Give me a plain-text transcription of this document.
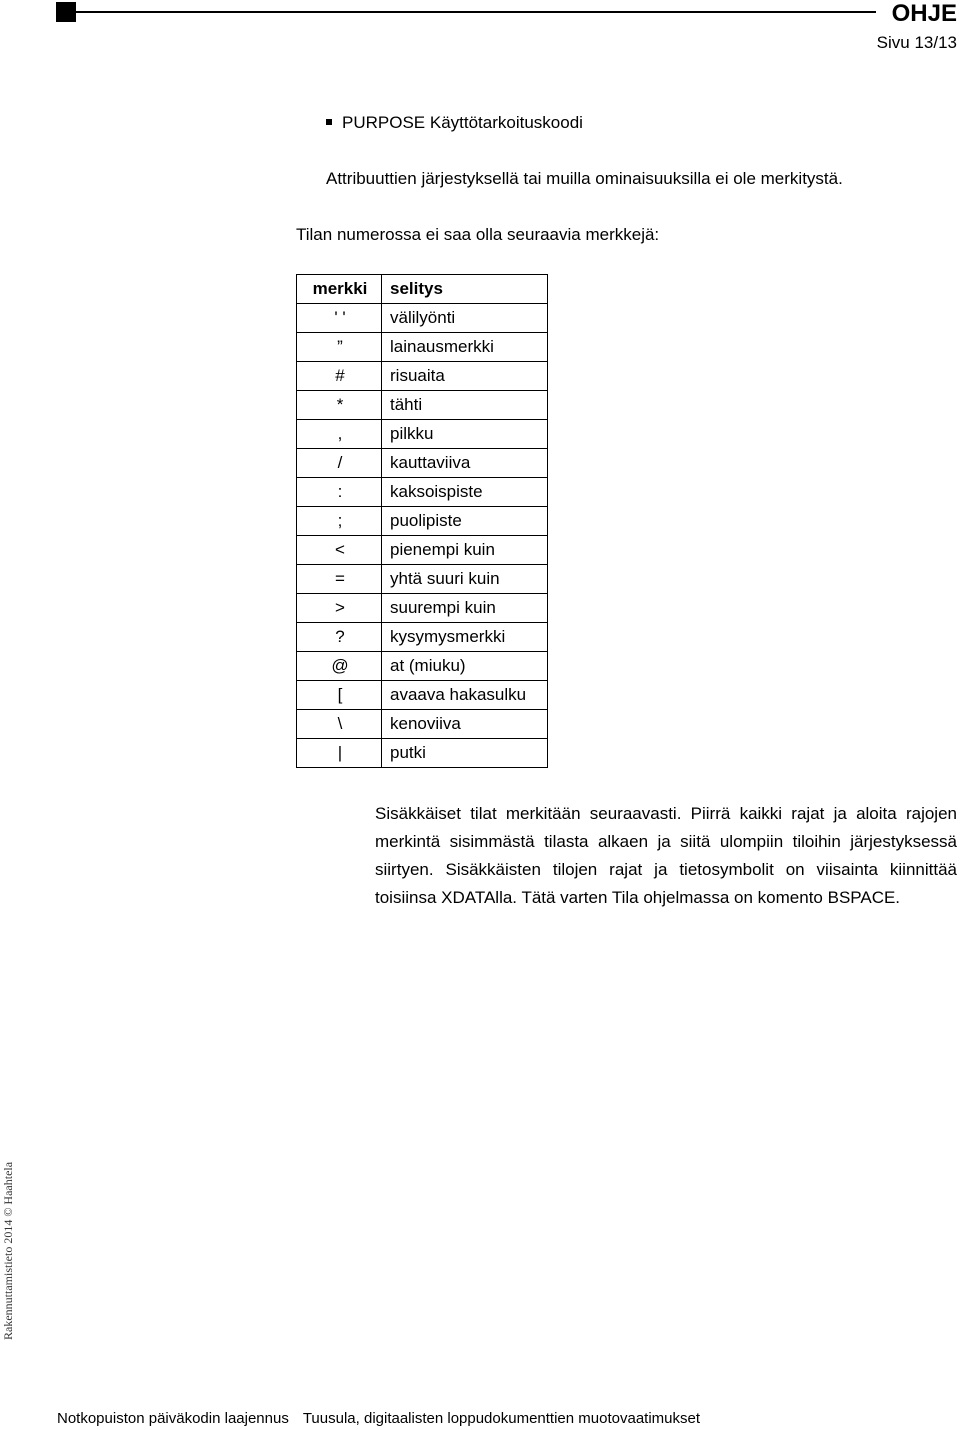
OHJE
Sivu 13/13
PURPOSE Käyttötarkoituskoodi
Attribuuttien järjestyksellä tai muilla ominaisuuksilla ei ole merkitystä.
Tilan numerossa ei saa olla seuraavia merkkejä:
merkki	selitys
' '	välilyönti
”	lainausmerkki
#	risuaita
*	tähti
,	pilkku
/	kauttaviiva
:	kaksoispiste
;	puolipiste
<	pienempi kuin
=	yhtä suuri kuin
>	suurempi kuin
?	kysymysmerkki
@	at (miuku)
[	avaava hakasulku
\	kenoviiva
|	putki
Sisäkkäiset tilat merkitään seuraavasti. Piirrä kaikki rajat ja aloita rajojen merkintä sisimmästä tilasta alkaen ja siitä ulompiin tiloihin järjestyksessä siirtyen. Sisäkkäisten tilojen rajat ja tietosymbolit on viisainta kiinnittää toisiinsa XDATAlla. Tätä varten Tila ohjelmassa on komento BSPACE.
Rakennuttamistieto 2014 © Haahtela
Notkopuiston päiväkodin laajennus Tuusula, digitaalisten loppudokumenttien muotovaatimukset
